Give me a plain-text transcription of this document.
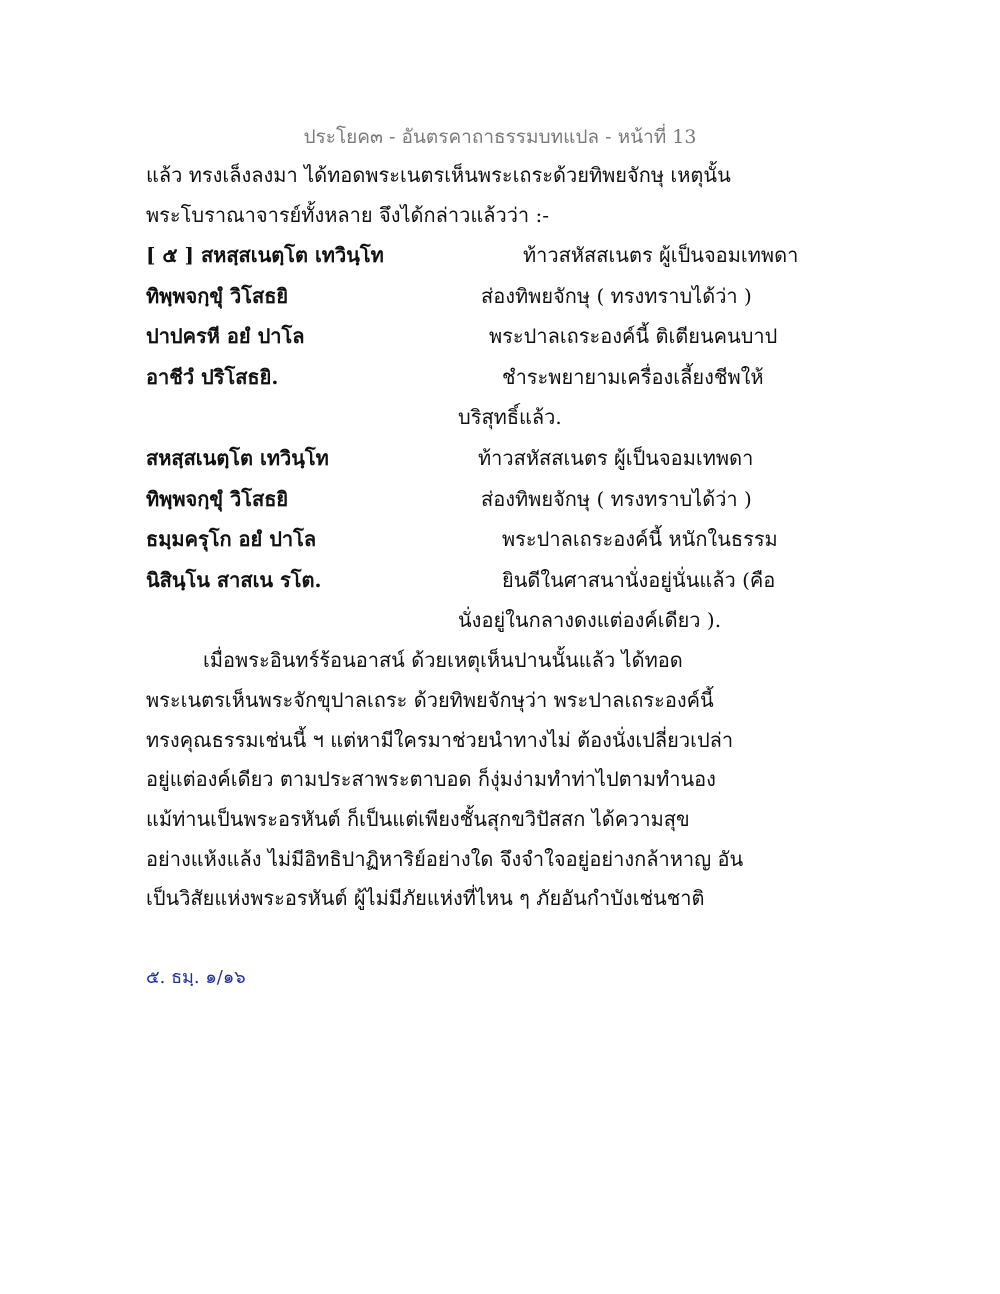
ประโยค๓ - อันตรคาถาธรรมบทแปล - หน้าที่ 13
แล้ว ทรงเล็งลงมา ได้ทอดพระเนตรเห็นพระเถระด้วยทิพยจักษุ เหตุนั้น
พระโบราณาจารย์ทั้งหลาย จึงได้กล่าวแล้วว่า :-
[ ๕ ] สหสฺสเนตฺโต เทวินฺโท	ท้าวสหัสสเนตร ผู้เป็นจอมเทพดา
ทิพฺพจกฺขุํ วิโสธยิ	ส่องทิพยจักษุ ( ทรงทราบได้ว่า )
ปาปครหี อยํ ปาโล	พระปาลเถระองค์นี้ ติเตียนคนบาป
อาชีวํ ปริโสธยิ.	ชำระพยายามเครื่องเลี้ยงชีพให้
บริสุทธิ์แล้ว.
สหสฺสเนตฺโต เทวินฺโท	ท้าวสหัสสเนตร ผู้เป็นจอมเทพดา
ทิพฺพจกฺขุํ วิโสธยิ	ส่องทิพยจักษุ ( ทรงทราบได้ว่า )
ธมฺมครุโก อยํ ปาโล	พระปาลเถระองค์นี้ หนักในธรรม
นิสินฺโน สาสเน รโต.	ยินดีในศาสนานั่งอยู่นั่นแล้ว (คือ
นั่งอยู่ในกลางดงแต่องค์เดียว ).
เมื่อพระอินทร์ร้อนอาสน์ ด้วยเหตุเห็นปานนั้นแล้ว ได้ทอด
พระเนตรเห็นพระจักขุปาลเถระ ด้วยทิพยจักษุว่า พระปาลเถระองค์นี้
ทรงคุณธรรมเช่นนี้ ฯ แต่หามีใครมาช่วยนำทางไม่ ต้องนั่งเปลี่ยวเปล่า
อยู่แต่องค์เดียว ตามประสาพระตาบอด ก็งุ่มง่ามทำท่าไปตามทำนอง
แม้ท่านเป็นพระอรหันต์ ก็เป็นแต่เพียงชั้นสุกขวิปัสสก ได้ความสุข
อย่างแห้งแล้ง ไม่มีอิทธิปาฏิหาริย์อย่างใด จึงจำใจอยู่อย่างกล้าหาญ อัน
เป็นวิสัยแห่งพระอรหันต์ ผู้ไม่มีภัยแห่งที่ไหน ๆ ภัยอันกำบังเช่นชาติ
๕. ธมฺ. ๑/๑๖
